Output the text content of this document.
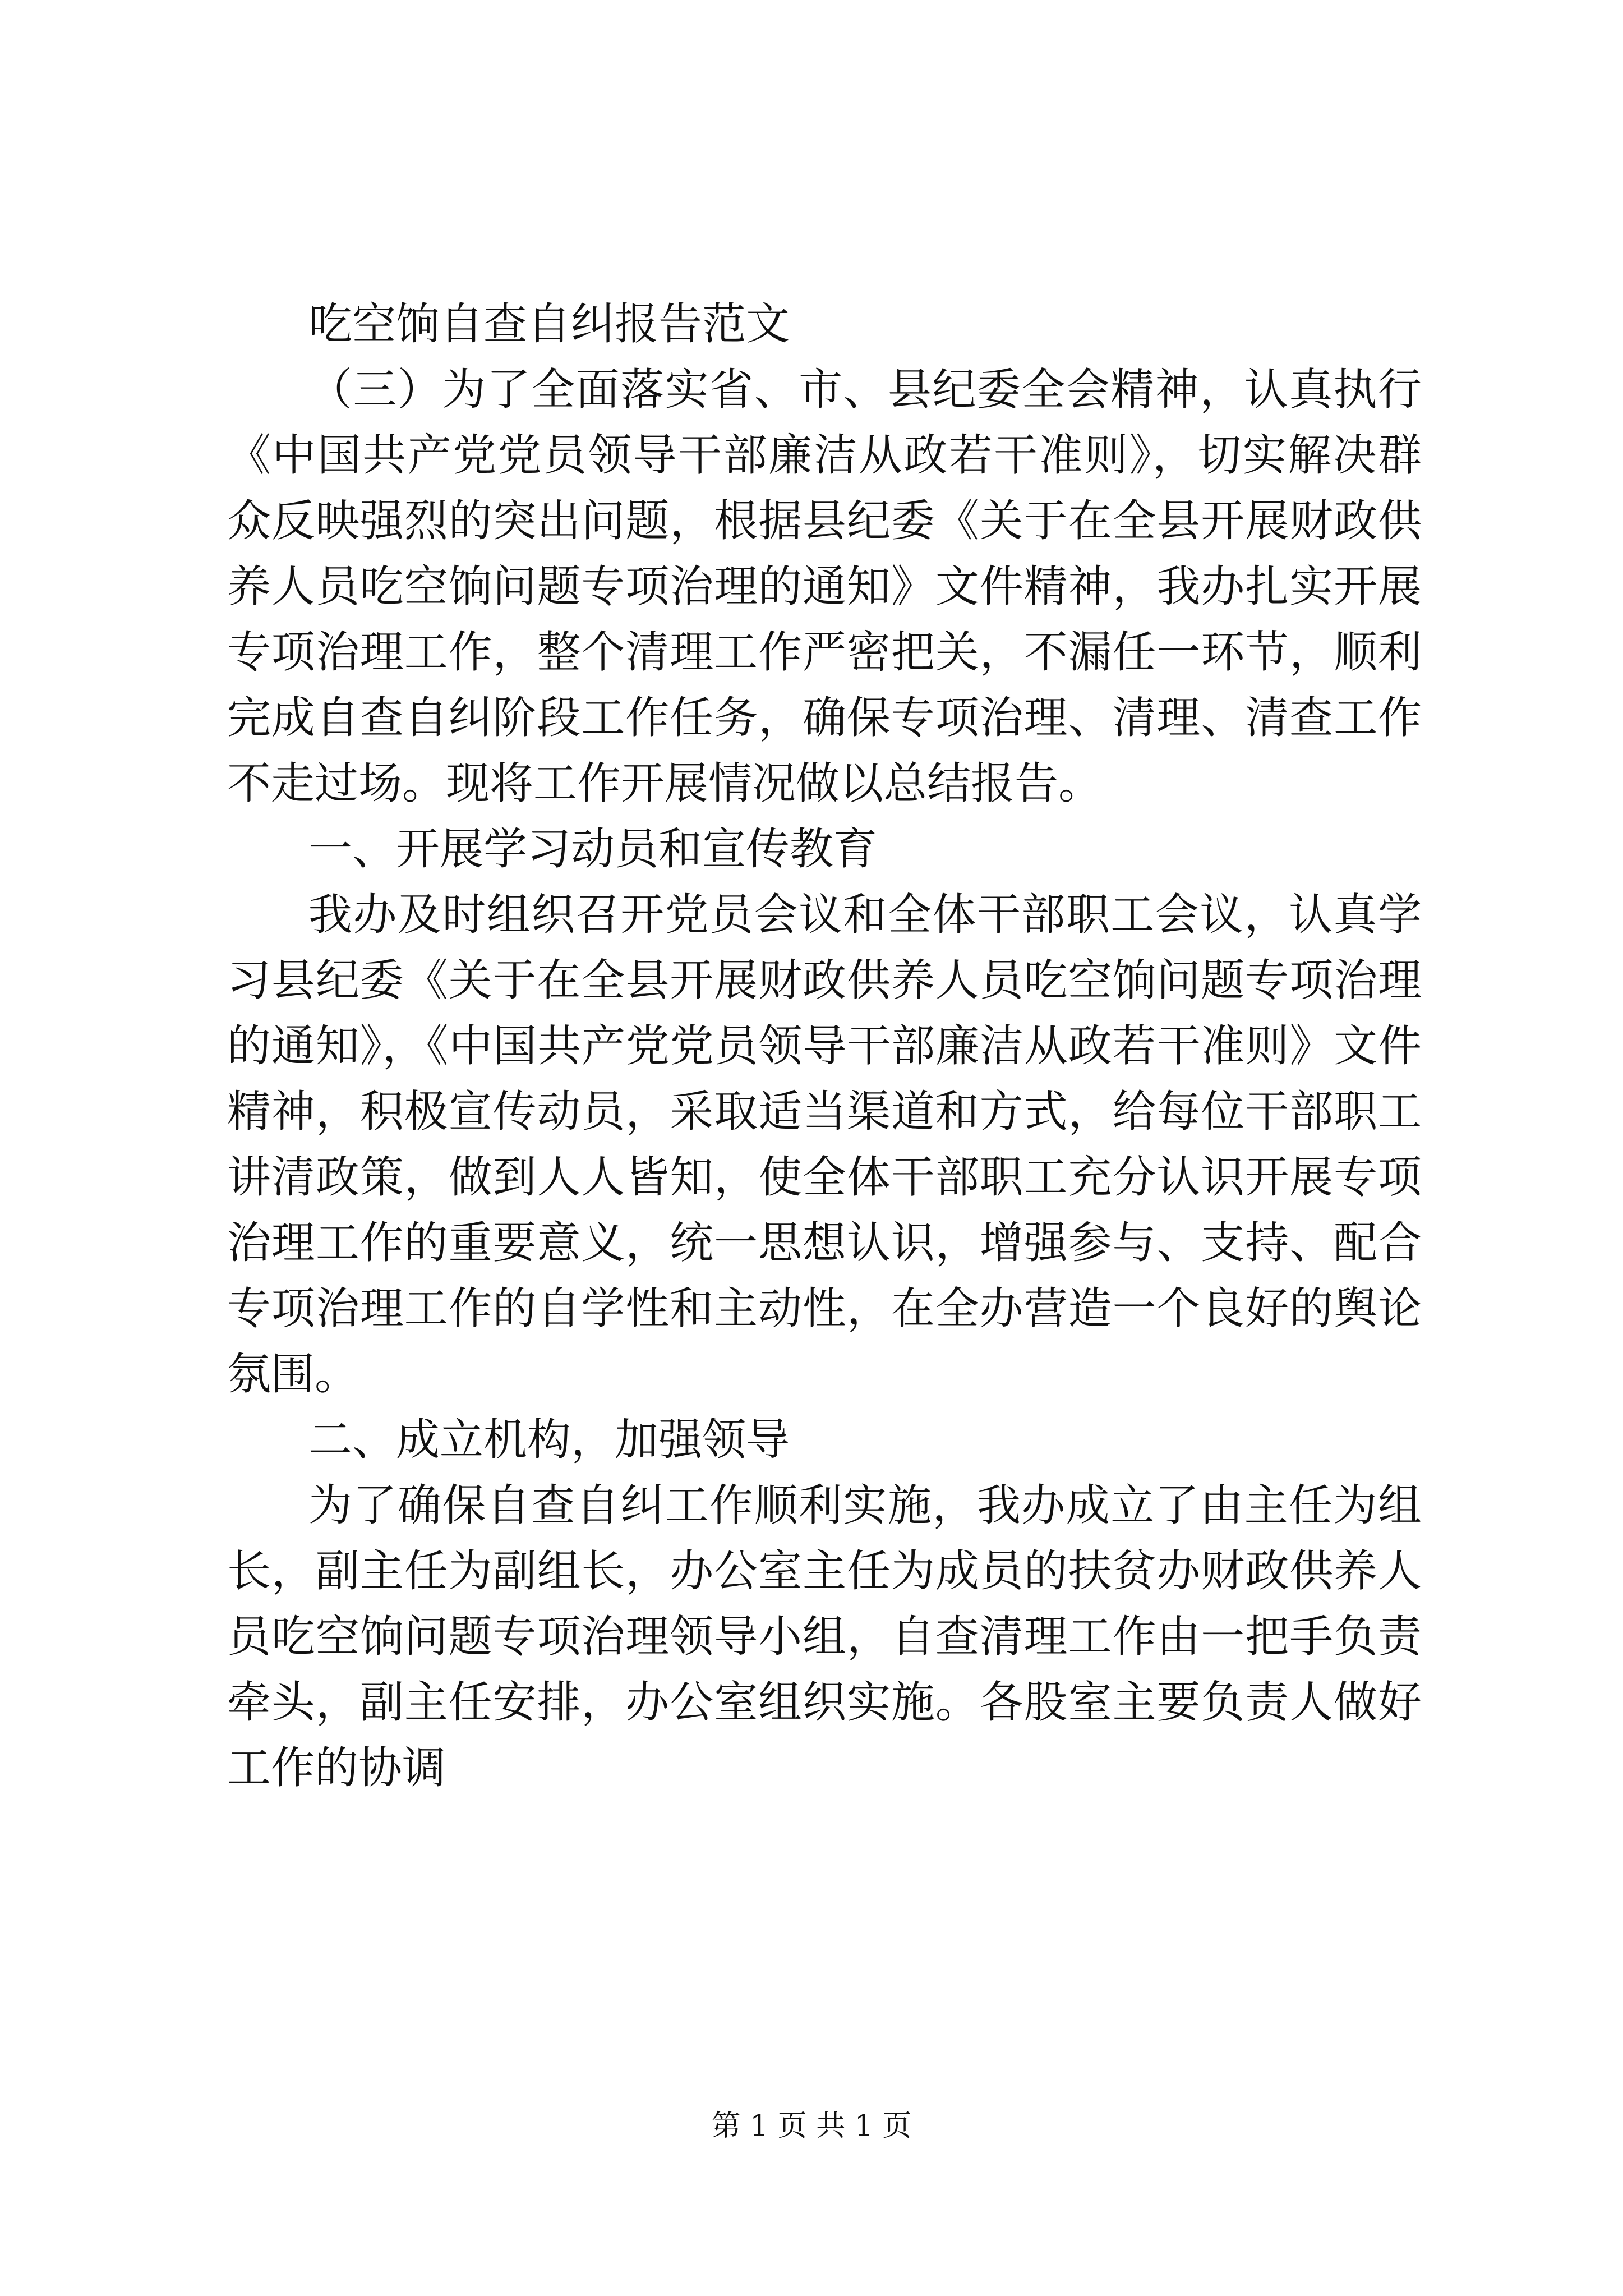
吃空饷自查自纠报告范文

（三）为了全面落实省、市、县纪委全会精神，认真执行《中国共产党党员领导干部廉洁从政若干准则》，切实解决群众反映强烈的突出问题，根据县纪委《关于在全县开展财政供养人员吃空饷问题专项治理的通知》文件精神，我办扎实开展专项治理工作，整个清理工作严密把关，不漏任一环节，顺利完成自查自纠阶段工作任务，确保专项治理、清理、清查工作不走过场。现将工作开展情况做以总结报告。

一、开展学习动员和宣传教育

我办及时组织召开党员会议和全体干部职工会议，认真学习县纪委《关于在全县开展财政供养人员吃空饷问题专项治理的通知》，《中国共产党党员领导干部廉洁从政若干准则》文件精神，积极宣传动员，采取适当渠道和方式，给每位干部职工讲清政策，做到人人皆知，使全体干部职工充分认识开展专项治理工作的重要意义，统一思想认识，增强参与、支持、配合专项治理工作的自学性和主动性，在全办营造一个良好的舆论氛围。

二、成立机构，加强领导

为了确保自查自纠工作顺利实施，我办成立了由主任为组长，副主任为副组长，办公室主任为成员的扶贫办财政供养人员吃空饷问题专项治理领导小组，自查清理工作由一把手负责牵头，副主任安排，办公室组织实施。各股室主要负责人做好工作的协调

第 1 页 共 1 页
